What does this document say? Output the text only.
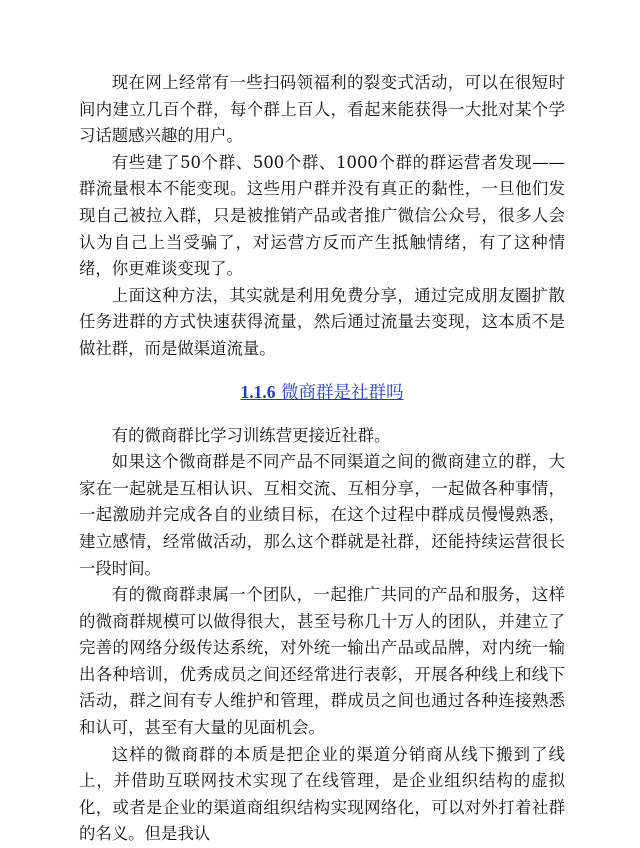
现在网上经常有一些扫码领福利的裂变式活动，可以在很短时间内建立几百个群，每个群上百人，看起来能获得一大批对某个学习话题感兴趣的用户。

有些建了50个群、500个群、1000个群的群运营者发现——群流量根本不能变现。这些用户群并没有真正的黏性，一旦他们发现自己被拉入群，只是被推销产品或者推广微信公众号，很多人会认为自己上当受骗了，对运营方反而产生抵触情绪，有了这种情绪，你更难谈变现了。

上面这种方法，其实就是利用免费分享，通过完成朋友圈扩散任务进群的方式快速获得流量，然后通过流量去变现，这本质不是做社群，而是做渠道流量。

1.1.6 微商群是社群吗

有的微商群比学习训练营更接近社群。

如果这个微商群是不同产品不同渠道之间的微商建立的群，大家在一起就是互相认识、互相交流、互相分享，一起做各种事情，一起激励并完成各自的业绩目标，在这个过程中群成员慢慢熟悉，建立感情，经常做活动，那么这个群就是社群，还能持续运营很长一段时间。

有的微商群隶属一个团队，一起推广共同的产品和服务，这样的微商群规模可以做得很大，甚至号称几十万人的团队，并建立了完善的网络分级传达系统，对外统一输出产品或品牌，对内统一输出各种培训，优秀成员之间还经常进行表彰，开展各种线上和线下活动，群之间有专人维护和管理，群成员之间也通过各种连接熟悉和认可，甚至有大量的见面机会。

这样的微商群的本质是把企业的渠道分销商从线下搬到了线上，并借助互联网技术实现了在线管理，是企业组织结构的虚拟化，或者是企业的渠道商组织结构实现网络化，可以对外打着社群的名义。但是我认
